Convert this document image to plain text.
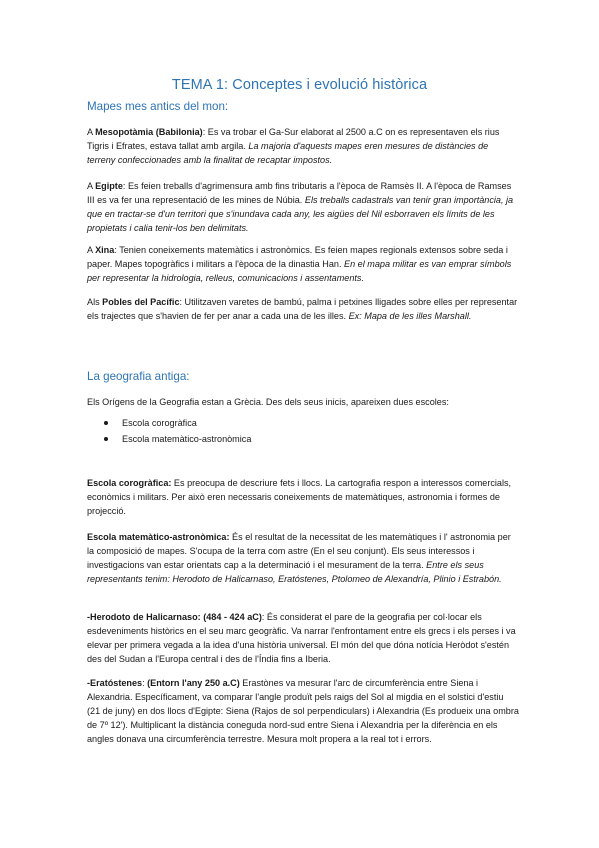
TEMA 1: Conceptes i evolució històrica
Mapes mes antics del mon:
A Mesopotàmia (Babilonia): Es va trobar el Ga-Sur elaborat al 2500 a.C on es representaven els rius Tigris i Efrates, estava tallat amb argila. La majoria d'aquests mapes eren mesures de distàncies de terreny confeccionades amb la finalitat de recaptar impostos.
A Egipte: Es feien treballs d'agrimensura amb fins tributaris a l'època de Ramsès II. A l'època de Ramses III es va fer una representació de les mines de Núbia. Els treballs cadastrals van tenir gran importància, ja que en tractar-se d'un territori que s'inundava cada any, les aigües del Nil esborraven els límits de les propietats i calia tenir-los ben delimitats.
A Xina: Tenien coneixements matemàtics i astronòmics. Es feien mapes regionals extensos sobre seda i paper. Mapes topogràfics i militars a l'època de la dinastia Han. En el mapa militar es van emprar símbols per representar la hidrologia, relleus, comunicacions i assentaments.
Als Pobles del Pacífic: Utilitzaven varetes de bambú, palma i petxines lligades sobre elles per representar els trajectes que s'havien de fer per anar a cada una de les illes. Ex: Mapa de les illes Marshall.
La geografia antiga:
Els Orígens de la Geografia estan a Grècia. Des dels seus inicis, apareixen dues escoles:
Escola corogràfica
Escola matemàtico-astronòmica
Escola corogràfica: Es preocupa de descriure fets i llocs. La cartografia respon a interessos comercials, econòmics i militars. Per això eren necessaris coneixements de matemàtiques, astronomia i formes de projecció.
Escola matemàtico-astronòmica: És el resultat de la necessitat de les matemàtiques i l' astronomia per la composició de mapes. S'ocupa de la terra com astre (En el seu conjunt). Els seus interessos i investigacions van estar orientats cap a la determinació i el mesurament de la terra. Entre els seus representants tenim: Herodoto de Halicarnaso, Eratóstenes, Ptolomeo de Alexandría, Plinio i Estrabón.
-Herodoto de Halicarnaso: (484 - 424 aC): És considerat el pare de la geografia per col·locar els esdeveniments històrics en el seu marc geogràfic. Va narrar l'enfrontament entre els grecs i els perses i va elevar per primera vegada a la idea d'una història universal. El món del que dóna notícia Heròdot s'estén des del Sudan a l'Europa central i des de l'Índia fins a Iberia.
-Eratóstenes: (Entorn l'any 250 a.C) Erastònes va mesurar l'arc de circumferència entre Siena i Alexandria. Específicament, va comparar l'angle produït pels raigs del Sol al migdia en el solstici d'estiu (21 de juny) en dos llocs d'Egipte: Siena (Rajos de sol perpendiculars) i Alexandria (Es produeix una ombra de 7º 12'). Multiplicant la distància coneguda nord-sud entre Siena i Alexandria per la diferència en els angles donava una circumferència terrestre. Mesura molt propera a la real tot i errors.
